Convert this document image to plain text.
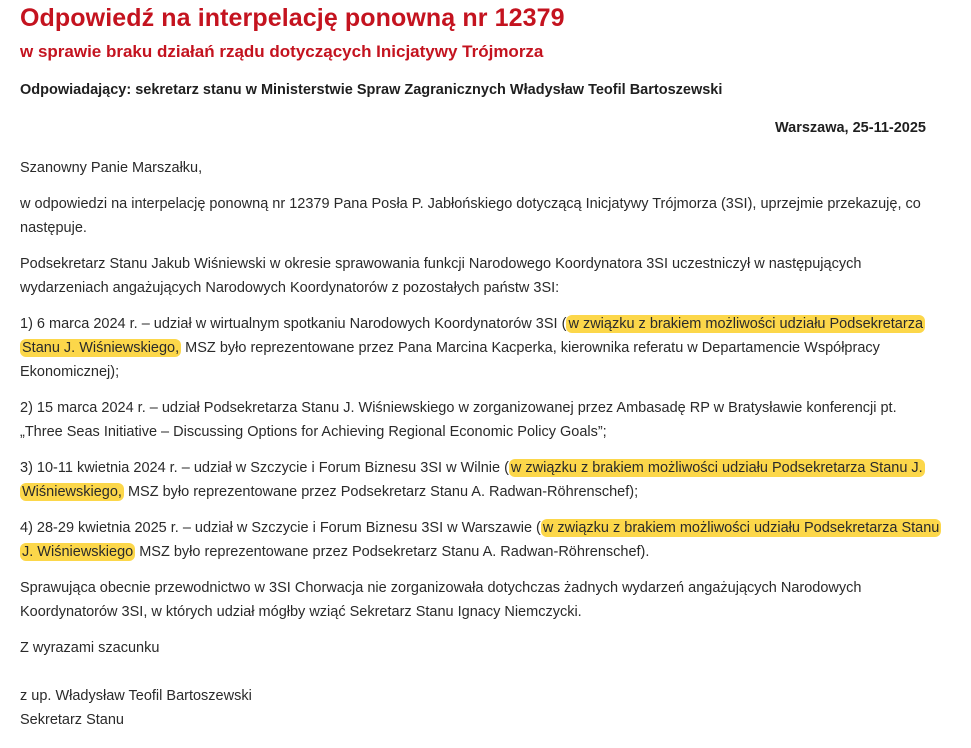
Odpowiedź na interpelację ponowną nr 12379
w sprawie braku działań rządu dotyczących Inicjatywy Trójmorza

Odpowiadający: sekretarz stanu w Ministerstwie Spraw Zagranicznych Władysław Teofil Bartoszewski

Warszawa, 25-11-2025

Szanowny Panie Marszałku,

w odpowiedzi na interpelację ponowną nr 12379 Pana Posła P. Jabłońskiego dotyczącą Inicjatywy Trójmorza (3SI), uprzejmie przekazuję, co następuje.

Podsekretarz Stanu Jakub Wiśniewski w okresie sprawowania funkcji Narodowego Koordynatora 3SI uczestniczył w następujących wydarzeniach angażujących Narodowych Koordynatorów z pozostałych państw 3SI:

1) 6 marca 2024 r. – udział w wirtualnym spotkaniu Narodowych Koordynatorów 3SI ( w związku z brakiem możliwości udziału Podsekretarza Stanu J. Wiśniewskiego, MSZ było reprezentowane przez Pana Marcina Kacperka, kierownika referatu w Departamencie Współpracy Ekonomicznej);

2) 15 marca 2024 r. – udział Podsekretarza Stanu J. Wiśniewskiego w zorganizowanej przez Ambasadę RP w Bratysławie konferencji pt. „Three Seas Initiative – Discussing Options for Achieving Regional Economic Policy Goals”;

3) 10-11 kwietnia 2024 r. – udział w Szczycie i Forum Biznesu 3SI w Wilnie ( w związku z brakiem możliwości udziału Podsekretarza Stanu J. Wiśniewskiego, MSZ było reprezentowane przez Podsekretarz Stanu A. Radwan-Röhrenschef);

4) 28-29 kwietnia 2025 r. – udział w Szczycie i Forum Biznesu 3SI w Warszawie ( w związku z brakiem możliwości udziału Podsekretarza Stanu J. Wiśniewskiego MSZ było reprezentowane przez Podsekretarz Stanu A. Radwan-Röhrenschef).

Sprawująca obecnie przewodnictwo w 3SI Chorwacja nie zorganizowała dotychczas żadnych wydarzeń angażujących Narodowych Koordynatorów 3SI, w których udział mógłby wziąć Sekretarz Stanu Ignacy Niemczycki.

Z wyrazami szacunku

z up. Władysław Teofil Bartoszewski
Sekretarz Stanu
